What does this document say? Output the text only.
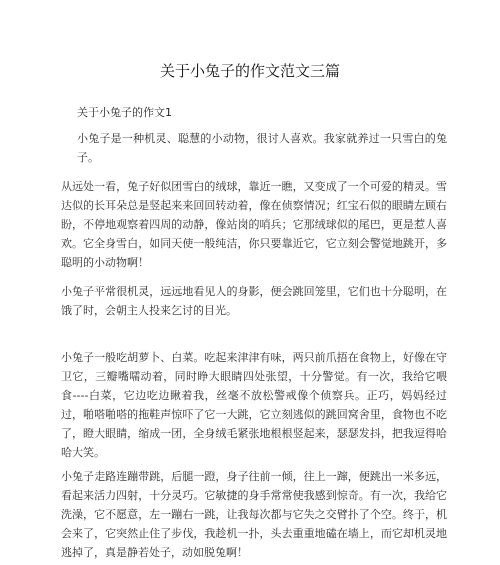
关于小兔子的作文范文三篇
关于小兔子的作文1
小兔子是一种机灵、聪慧的小动物，很讨人喜欢。我家就养过一只雪白的兔子。
从远处一看，兔子好似团雪白的绒球，靠近一瞧，又变成了一个可爱的精灵。雪达似的长耳朵总是竖起来来回回转动着，像在侦察情况；红宝石似的眼睛左顾右盼，不停地观察着四周的动静，像站岗的哨兵；它那绒球似的尾巴，更是惹人喜欢。它全身雪白，如同天使一般纯洁，你只要靠近它，它立刻会警觉地跳开，多聪明的小动物啊！
小兔子平常很机灵，远远地看见人的身影，便会跳回笼里，它们也十分聪明，在饿了时，会朝主人投来乞讨的目光。
小兔子一般吃胡萝卜、白菜。吃起来津津有味，两只前爪捂在食物上，好像在守卫它，三瓣嘴嚅动着，同时睁大眼睛四处张望，十分警觉。有一次，我给它喂食----白菜，它边吃边瞅着我，丝毫不放松警戒像个侦察兵。正巧，妈妈经过过，啪嗒啪嗒的拖鞋声惊吓了它一大跳，它立刻逃似的跳回窝舍里，食物也不吃了，瞪大眼睛，缩成一团，全身绒毛紧张地根根竖起来，瑟瑟发抖，把我逗得哈哈大笑。
小兔子走路连蹦带跳，后腿一蹬，身子往前一倾，往上一蹿，便跳出一米多远，看起来活力四射，十分灵巧。它敏捷的身手常常使我感到惊奇。有一次，我给它洗澡，它不愿意，左一蹦右一跳，让我每次都与它失之交臂扑了个空。终于，机会来了，它突然止住了步伐，我趁机一扑，头去重重地磕在墙上，而它却机灵地逃掉了，真是静若处子，动如脱兔啊！
